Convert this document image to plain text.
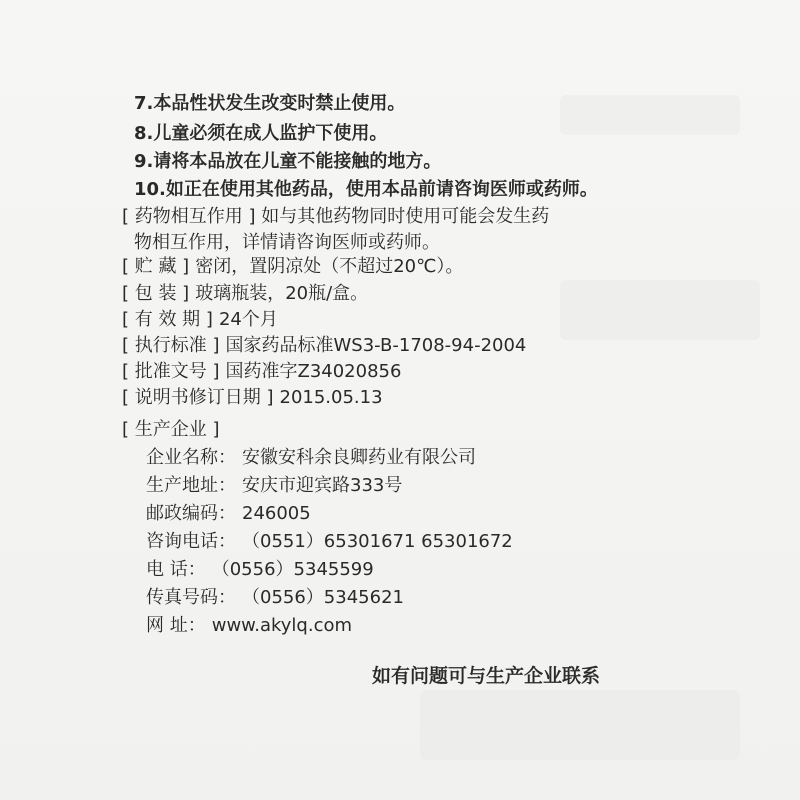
7.本品性状发生改变时禁止使用。
8.儿童必须在成人监护下使用。
9.请将本品放在儿童不能接触的地方。
10.如正在使用其他药品，使用本品前请咨询医师或药师。
[ 药物相互作用 ] 如与其他药物同时使用可能会发生药
物相互作用，详情请咨询医师或药师。
[ 贮 藏 ] 密闭，置阴凉处（不超过20℃）。
[ 包 装 ] 玻璃瓶装，20瓶/盒。
[ 有 效 期 ] 24个月
[ 执行标准 ] 国家药品标准WS3-B-1708-94-2004
[ 批准文号 ] 国药准字Z34020856
[ 说明书修订日期 ] 2015.05.13
[ 生产企业 ]
企业名称： 安徽安科余良卿药业有限公司
生产地址： 安庆市迎宾路333号
邮政编码： 246005
咨询电话： （0551）65301671 65301672
电 话： （0556）5345599
传真号码： （0556）5345621
网 址： www.akylq.com
如有问题可与生产企业联系
